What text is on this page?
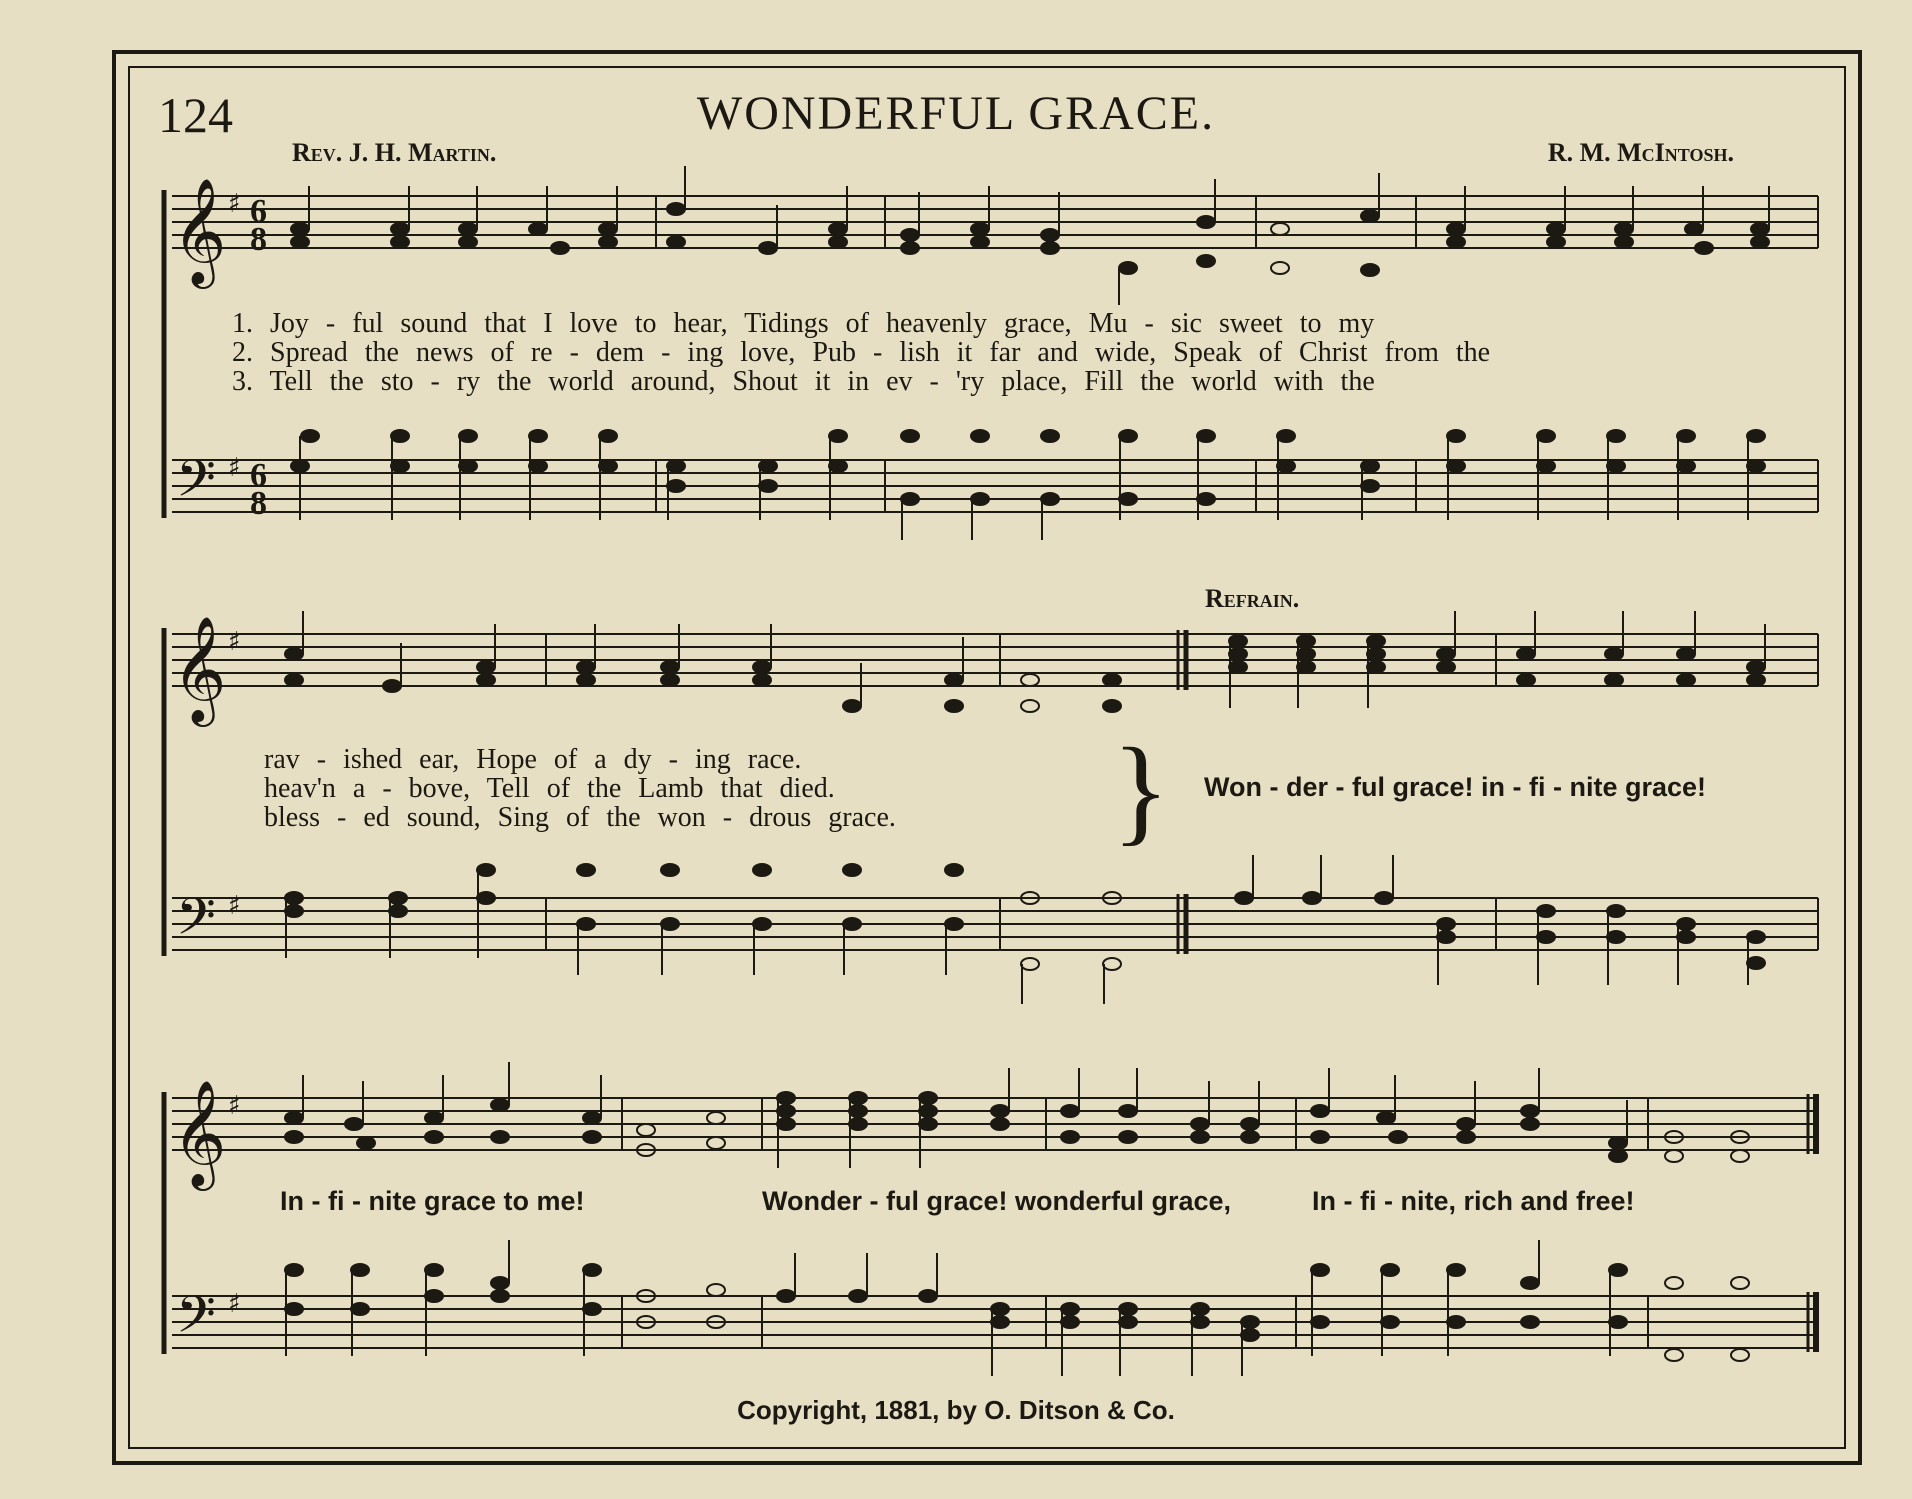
124	WONDERFUL GRACE.
Rev. J. H. Martin.	R. M. McIntosh.
𝄞
𝄢
𝄞
𝄢
𝄞
𝄢
♯
♯
♯
♯
♯
♯
6
8
6
8
1. Joy - ful sound that I love to hear, Tidings of heavenly grace, Mu - sic sweet to my
2. Spread the news of re - dem - ing love, Pub - lish it far and wide, Speak of Christ from the
3. Tell the sto - ry the world around, Shout it in ev - 'ry place, Fill the world with the
Refrain.
rav - ished ear, Hope of a dy - ing race.
heav'n a - bove, Tell of the Lamb that died.
bless - ed sound, Sing of the won - drous grace. } Won - der - ful grace! in - fi - nite grace!
In - fi - nite grace to me!	Wonder - ful grace! wonderful grace,	In - fi - nite, rich and free!
Copyright, 1881, by O. Ditson & Co.
